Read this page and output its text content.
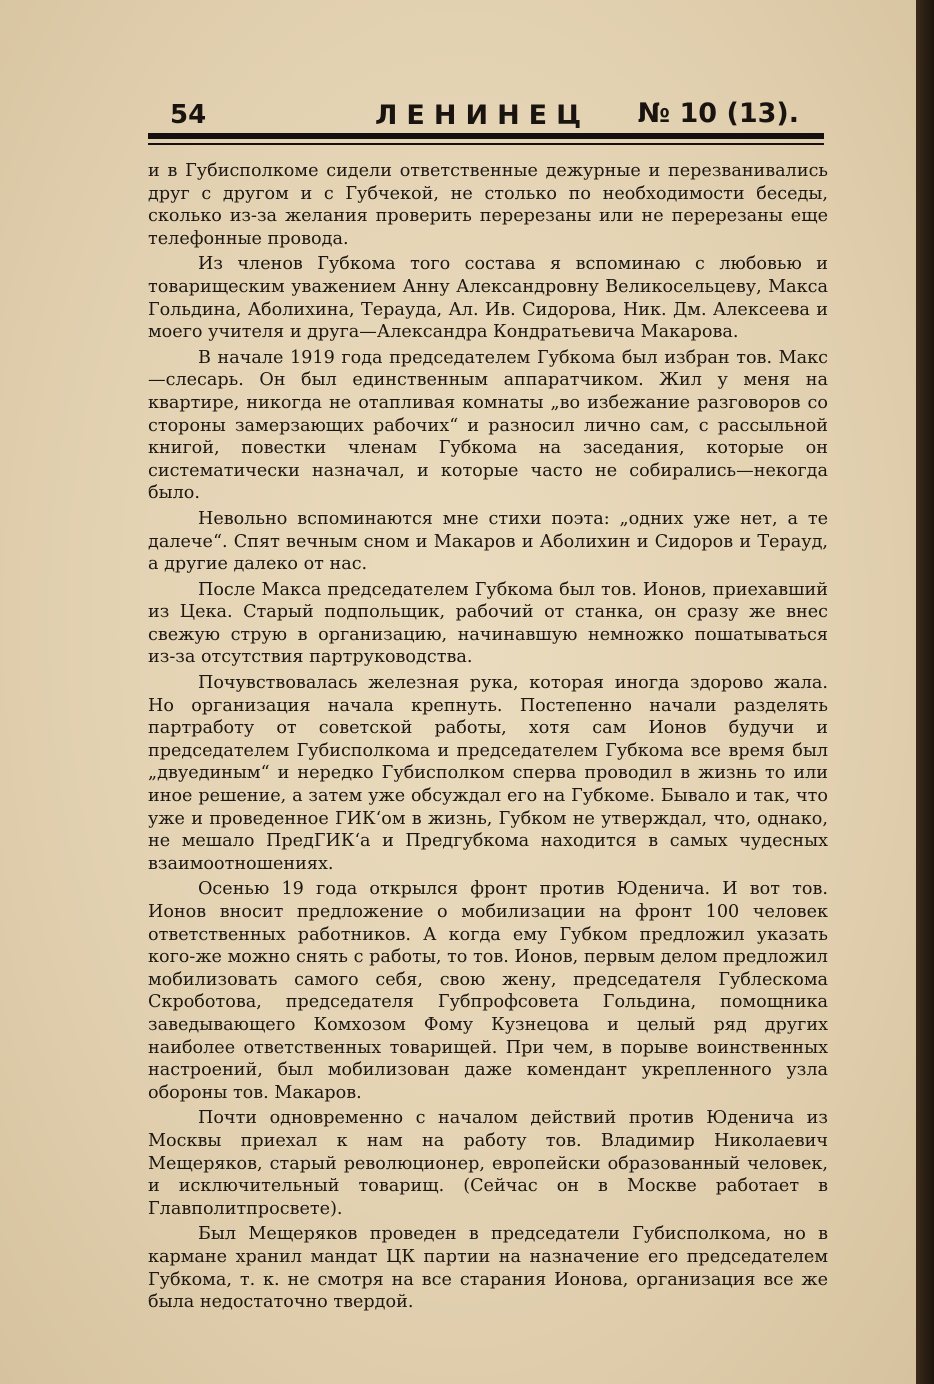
54	ЛЕНИНЕЦ № 10 (13).

и в Губисполкоме сидели ответственные дежурные и перезванивались друг с другом и с Губчекой, не столько по необходимости беседы, сколько из-за желания проверить перерезаны или не перерезаны еще телефонные провода.

Из членов Губкома того состава я вспоминаю с любовью и товарищеским уважением Анну Александровну Великосельцеву, Макса Гольдина, Аболихина, Терауда, Ал. Ив. Сидорова, Ник. Дм. Алексеева и моего учителя и друга—Александра Кондратьевича Макарова.

В начале 1919 года председателем Губкома был избран тов. Макс—слесарь. Он был единственным аппаратчиком. Жил у меня на квартире, никогда не отапливая комнаты „во избежание разговоров со стороны замерзающих рабочих“ и разносил лично сам, с рассыльной книгой, повестки членам Губкома на заседания, которые он систематически назначал, и которые часто не собирались—некогда было.

Невольно вспоминаются мне стихи поэта: „одних уже нет, а те далече“. Спят вечным сном и Макаров и Аболихин и Сидоров и Терауд, а другие далеко от нас.

После Макса председателем Губкома был тов. Ионов, приехавший из Цека. Старый подпольщик, рабочий от станка, он сразу же внес свежую струю в организацию, начинавшую немножко пошатываться из-за отсутствия партруководства.

Почувствовалась железная рука, которая иногда здорово жала. Но организация начала крепнуть. Постепенно начали разделять партработу от советской работы, хотя сам Ионов будучи и председателем Губисполкома и председателем Губкома все время был „двуединым“ и нередко Губисполком сперва проводил в жизнь то или иное решение, а затем уже обсуждал его на Губкоме. Бывало и так, что уже и проведенное ГИК‘ом в жизнь, Губком не утверждал, что, однако, не мешало ПредГИК‘а и Предгубкома находится в самых чудесных взаимоотношениях.

Осенью 19 года открылся фронт против Юденича. И вот тов. Ионов вносит предложение о мобилизации на фронт 100 человек ответственных работников. А когда ему Губком предложил указать кого-же можно снять с работы, то тов. Ионов, первым делом предложил мобилизовать самого себя, свою жену, председателя Гублескома Скроботова, председателя Губпрофсовета Гольдина, помощника заведывающего Комхозом Фому Кузнецова и целый ряд других наиболее ответственных товарищей. При чем, в порыве воинственных настроений, был мобилизован даже комендант укрепленного узла обороны тов. Макаров.

Почти одновременно с началом действий против Юденича из Москвы приехал к нам на работу тов. Владимир Николаевич Мещеряков, старый революционер, европейски образованный человек, и исключительный товарищ. (Сейчас он в Москве работает в Главполитпросвете).

Был Мещеряков проведен в председатели Губисполкома, но в кармане хранил мандат ЦК партии на назначение его председателем Губкома, т. к. не смотря на все старания Ионова, организация все же была недостаточно твердой.
